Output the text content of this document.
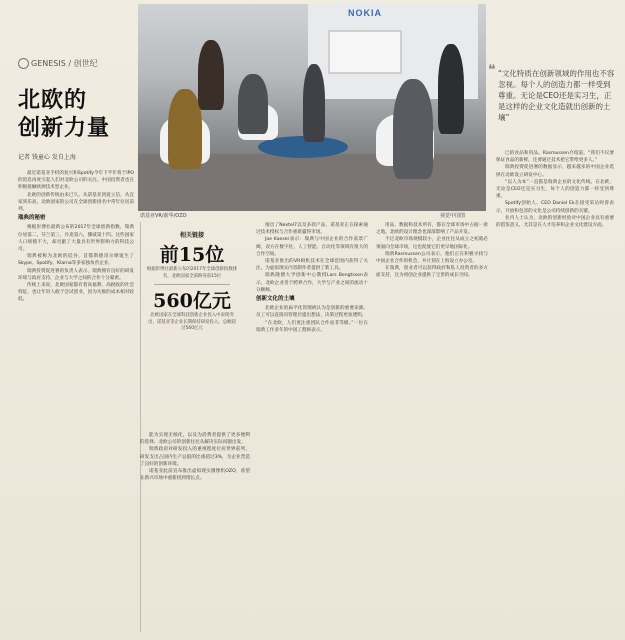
NOKIA
诺基亚VR/新华/OZO	视觉中国图
GENESIS / 创世纪
北欧的
创新力量
记者 钱童心 发自上海
❝ “文化特质在创新领域的作用也不容忽视。每个人的创造力都一样受到尊重。无论是CEO还是实习生，正是这样的企业文化造就出创新的土壤”

最近诺基亚手机的复兴和Spotify今年下半年将于IPO的消息再度引起人们对北欧公司的关注。中国投资者也在积极接触欧洲技术型企业。

北欧的创新传统由来已久。从诺基亚到爱立信，从宜家到乐高，北欧国家的公司在全球创新排名中常年位居前列。

瑞典的秘密

根据彭博社最新公布的2017年全球创新指数，瑞典位居第二，芬兰第三，丹麦第六，挪威第十四。这些国家人口规模不大，却贡献了大量具有世界影响力的科技公司。

瑞典被称为北欧的硅谷，首都斯德哥尔摩诞生了Skype、Spotify、Klarna等多家独角兽企业。

瑞典投资促进署的负责人表示，瑞典拥有良好的研发环境与政府支持，企业与大学之间的合作十分紧密。

传统上来说，北欧国家都有着高福利、高税收的社会特征，也让年轻人敢于尝试创业，因为失败的成本相对较低。

相关链接
前15位
根据彭博社最新公布的2017年全球创新指数排名，北欧国家全部跻身前15位
560亿元
北欧国家在全球科技创新企业投入中表现突出，诺基亚等企业长期保持研发投入，总额超过560亿元

能为实现无纸化，以及为消费者提供了更多便利的选择。北欧公司的创新往往从解决实际问题出发。

瑞典政府对研发投入的重视程度位居世界前列，研发支出占国内生产总值的比重超过3%，为企业营造了良好的创新环境。

诺基亚此前宣布推出虚拟现实摄像机OZO，希望在新兴市场中重新找到增长点。

推出了Nextel7以及多款产品，诺基亚正在探索通过技术授权与合作重新赢得市场。

Joe Kaeser表示：瑞典与中国企业的合作前景广阔，双方在数字化、人工智能、自动化等领域有很大的合作空间。

诺基亚推出的VR相机技术在全球范围内获得了关注，为虚拟现实内容制作者提供了新工具。

瑞典隆德大学创新中心教授Lars Bengtsson表示，北欧企业善于跨界合作，大学与产业之间的流动十分顺畅。

创新文化的土壤

北欧企业的扁平化管理被认为是创新的重要来源。员工可以直接向管理层提出想法，决策过程更加透明。

“在北欧，人们更注重团队合作而非等级。”一位在瑞典工作多年的中国工程师表示。

用品，数据和技术所有，都在全球市场中占据一席之地。北欧的设计理念也深深影响了产品开发。

不过北欧市场规模较小，企业往往从成立之初就必须面向全球市场，这也促使它们更早地国际化。

瑞典Rasmussen公司表示，他们正在积极寻找与中国企业合作的机会，并计划在上海设立办公室。

在瑞典，创业者可以获得政府和私人投资者的多方面支持，这为初创企业提供了宝贵的成长空间。

已的食品和用品。Rasmussen介绍道，“我们不仅要保证食品的新鲜，还要通过技术把它带给更多人。”

瑞典投资促进署的数据显示，越来越多的中国企业选择在北欧设立研发中心。

“以人为本”一直都是瑞典企业的文化传统。在北欧，无论是CEO还是实习生，每个人的创造力都一样受到尊重。

Spotify创始人、CEO Daniel Ek在接受采访时曾表示，开放和包容的文化是公司持续创新的关键。

业内人士认为，北欧的创新经验对中国企业具有重要的借鉴意义，尤其是在人才培养和企业文化建设方面。
